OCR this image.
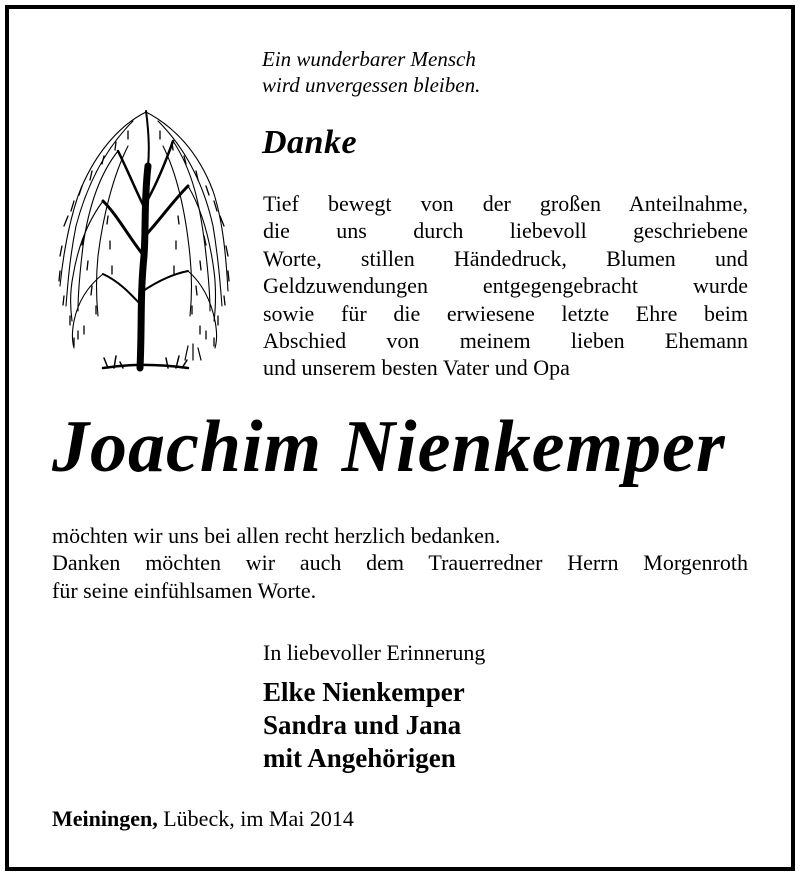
Ein wunderbarer Mensch
wird unvergessen bleiben.
Danke
Tief bewegt von der großen Anteilnahme,
die uns durch liebevoll geschriebene
Worte, stillen Händedruck, Blumen und
Geldzuwendungen entgegengebracht wurde
sowie für die erwiesene letzte Ehre beim
Abschied von meinem lieben Ehemann
und unserem besten Vater und Opa
Joachim Nienkemper
möchten wir uns bei allen recht herzlich bedanken.
Danken möchten wir auch dem Trauerredner Herrn Morgenroth
für seine einfühlsamen Worte.
In liebevoller Erinnerung
Elke Nienkemper
Sandra und Jana
mit Angehörigen
Meiningen, Lübeck, im Mai 2014
